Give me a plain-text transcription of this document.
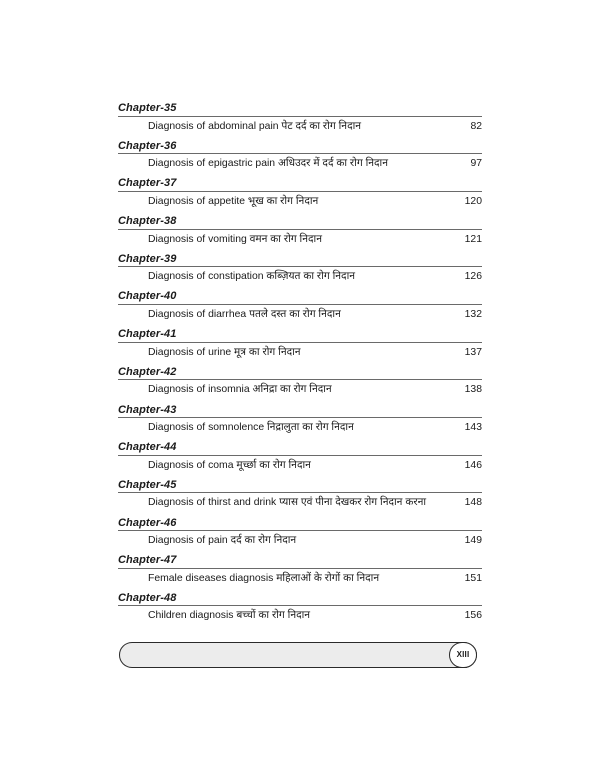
Chapter-35
Diagnosis of abdominal pain पेट दर्द का रोग निदान	82
Chapter-36
Diagnosis of epigastric pain अधिउदर में दर्द का रोग निदान	97
Chapter-37
Diagnosis of appetite भूख का रोग निदान	120
Chapter-38
Diagnosis of vomiting वमन का रोग निदान	121
Chapter-39
Diagnosis of constipation कब्ज़ियत का रोग निदान	126
Chapter-40
Diagnosis of diarrhea पतले दस्त का रोग निदान	132
Chapter-41
Diagnosis of urine मूत्र का रोग निदान	137
Chapter-42
Diagnosis of insomnia अनिद्रा का रोग निदान	138
Chapter-43
Diagnosis of somnolence निद्रालुता का रोग निदान	143
Chapter-44
Diagnosis of coma मूर्च्छा का रोग निदान	146
Chapter-45
Diagnosis of thirst and drink प्यास एवं पीना देखकर रोग निदान करना	148
Chapter-46
Diagnosis of pain दर्द का रोग निदान	149
Chapter-47
Female diseases diagnosis महिलाओं के रोगों का निदान	151
Chapter-48
Children diagnosis बच्चों का रोग निदान	156
XIII
